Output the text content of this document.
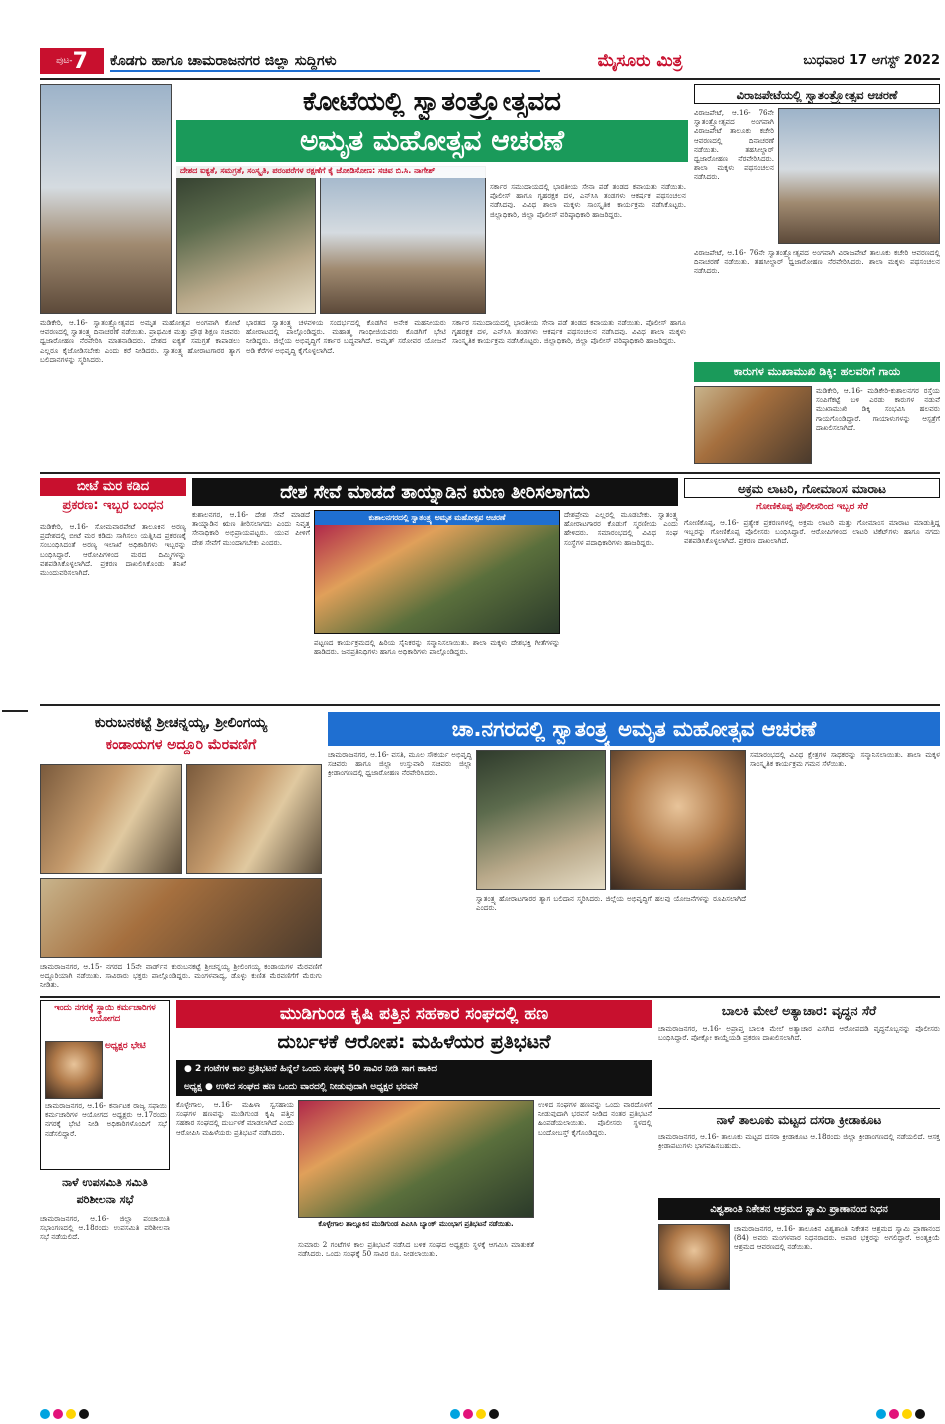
ಪುಟ- 7 ಕೊಡಗು ಹಾಗೂ ಚಾಮರಾಜನಗರ ಜಿಲ್ಲಾ ಸುದ್ದಿಗಳು	ಮೈಸೂರು ಮಿತ್ರ	ಬುಧವಾರ 17 ಆಗಸ್ಟ್ 2022
ಕೋಟೆಯಲ್ಲಿ ಸ್ವಾತಂತ್ರ್ಯೋತ್ಸವದ
ಅಮೃತ ಮಹೋತ್ಸವ ಆಚರಣೆ
ದೇಶದ ಐಕ್ಯತೆ, ಸಮಗ್ರತೆ, ಸಂಸ್ಕೃತಿ, ಪರಂಪರೆಗಳ ರಕ್ಷಣೆಗೆ ಕೈ ಜೋಡಿಸೋಣ: ಸಚಿವ ಬಿ.ಸಿ. ನಾಗೇಶ್
ಸರ್ಕಾರ ಸಮುದಾಯದಲ್ಲಿ ಭಾರತೀಯ ಸೇನಾ ಪಡೆ ತಂಡದ ಕವಾಯತು ನಡೆಯಿತು. ಪೊಲೀಸ್ ಹಾಗೂ ಗೃಹರಕ್ಷಕ ದಳ, ಎನ್‌ಸಿಸಿ ತಂಡಗಳು ಆಕರ್ಷಕ ಪಥಸಂಚಲನ ನಡೆಸಿದವು. ವಿವಿಧ ಶಾಲಾ ಮಕ್ಕಳು ಸಾಂಸ್ಕೃತಿಕ ಕಾರ್ಯಕ್ರಮ ನಡೆಸಿಕೊಟ್ಟರು. ಜಿಲ್ಲಾಧಿಕಾರಿ, ಜಿಲ್ಲಾ ಪೊಲೀಸ್ ವರಿಷ್ಠಾಧಿಕಾರಿ ಹಾಜರಿದ್ದರು.
ಮಡಿಕೇರಿ, ಆ.16- ಸ್ವಾತಂತ್ರ್ಯೋತ್ಸವದ ಅಮೃತ ಮಹೋತ್ಸವ ಅಂಗವಾಗಿ ಕೋಟೆ ಆವರಣದಲ್ಲಿ ಸ್ವಾತಂತ್ರ್ಯ ದಿನಾಚರಣೆ ನಡೆಯಿತು. ಪ್ರಾಥಮಿಕ ಮತ್ತು ಪ್ರೌಢ ಶಿಕ್ಷಣ ಸಚಿವರು ಧ್ವಜಾರೋಹಣ ನೆರವೇರಿಸಿ ಮಾತನಾಡಿದರು. ದೇಶದ ಐಕ್ಯತೆ ಸಮಗ್ರತೆ ಕಾಪಾಡಲು ಎಲ್ಲರೂ ಕೈಜೋಡಿಸಬೇಕು ಎಂದು ಕರೆ ನೀಡಿದರು. ಸ್ವಾತಂತ್ರ್ಯ ಹೋರಾಟಗಾರರ ತ್ಯಾಗ ಬಲಿದಾನಗಳನ್ನು ಸ್ಮರಿಸಿದರು.
ಭಾರತದ ಸ್ವಾತಂತ್ರ್ಯ ಚಳವಳಿಯ ಸಂದರ್ಭದಲ್ಲಿ ಕೊಡಗಿನ ಅನೇಕ ಮಹನೀಯರು ಹೋರಾಟದಲ್ಲಿ ಪಾಲ್ಗೊಂಡಿದ್ದರು. ಮಹಾತ್ಮ ಗಾಂಧೀಜಿಯವರು ಕೊಡಗಿಗೆ ಭೇಟಿ ನೀಡಿದ್ದರು. ಜಿಲ್ಲೆಯ ಅಭಿವೃದ್ಧಿಗೆ ಸರ್ಕಾರ ಬದ್ಧವಾಗಿದೆ. ಅಮೃತ್ ಸರೋವರ ಯೋಜನೆ ಅಡಿ ಕೆರೆಗಳ ಅಭಿವೃದ್ಧಿ ಕೈಗೊಳ್ಳಲಾಗಿದೆ.
ಸರ್ಕಾರ ಸಮುದಾಯದಲ್ಲಿ ಭಾರತೀಯ ಸೇನಾ ಪಡೆ ತಂಡದ ಕವಾಯತು ನಡೆಯಿತು. ಪೊಲೀಸ್ ಹಾಗೂ ಗೃಹರಕ್ಷಕ ದಳ, ಎನ್‌ಸಿಸಿ ತಂಡಗಳು ಆಕರ್ಷಕ ಪಥಸಂಚಲನ ನಡೆಸಿದವು. ವಿವಿಧ ಶಾಲಾ ಮಕ್ಕಳು ಸಾಂಸ್ಕೃತಿಕ ಕಾರ್ಯಕ್ರಮ ನಡೆಸಿಕೊಟ್ಟರು. ಜಿಲ್ಲಾಧಿಕಾರಿ, ಜಿಲ್ಲಾ ಪೊಲೀಸ್ ವರಿಷ್ಠಾಧಿಕಾರಿ ಹಾಜರಿದ್ದರು.
ವಿರಾಜಪೇಟೆಯಲ್ಲಿ ಸ್ವಾತಂತ್ರ್ಯೋತ್ಸವ ಆಚರಣೆ
ವಿರಾಜಪೇಟೆ, ಆ.16- 76ನೇ ಸ್ವಾತಂತ್ರ್ಯೋತ್ಸವದ ಅಂಗವಾಗಿ ವಿರಾಜಪೇಟೆ ತಾಲೂಕು ಕಚೇರಿ ಆವರಣದಲ್ಲಿ ದಿನಾಚರಣೆ ನಡೆಯಿತು. ತಹಸೀಲ್ದಾರ್ ಧ್ವಜಾರೋಹಣ ನೆರವೇರಿಸಿದರು. ಶಾಲಾ ಮಕ್ಕಳು ಪಥಸಂಚಲನ ನಡೆಸಿದರು.
ವಿರಾಜಪೇಟೆ, ಆ.16- 76ನೇ ಸ್ವಾತಂತ್ರ್ಯೋತ್ಸವದ ಅಂಗವಾಗಿ ವಿರಾಜಪೇಟೆ ತಾಲೂಕು ಕಚೇರಿ ಆವರಣದಲ್ಲಿ ದಿನಾಚರಣೆ ನಡೆಯಿತು. ತಹಸೀಲ್ದಾರ್ ಧ್ವಜಾರೋಹಣ ನೆರವೇರಿಸಿದರು. ಶಾಲಾ ಮಕ್ಕಳು ಪಥಸಂಚಲನ ನಡೆಸಿದರು.
ಕಾರುಗಳ ಮುಖಾಮುಖಿ ಡಿಕ್ಕಿ: ಹಲವರಿಗೆ ಗಾಯ
ಮಡಿಕೇರಿ, ಆ.16- ಮಡಿಕೇರಿ-ಕುಶಾಲನಗರ ರಸ್ತೆಯ ಸಂಪಿಗೆಕಟ್ಟೆ ಬಳಿ ಎರಡು ಕಾರುಗಳ ನಡುವೆ ಮುಖಾಮುಖಿ ಡಿಕ್ಕಿ ಸಂಭವಿಸಿ ಹಲವರು ಗಾಯಗೊಂಡಿದ್ದಾರೆ. ಗಾಯಾಳುಗಳನ್ನು ಆಸ್ಪತ್ರೆಗೆ ದಾಖಲಿಸಲಾಗಿದೆ.
ಬೀಟೆ ಮರ ಕಡಿದ
ಪ್ರಕರಣ: ಇಬ್ಬರ ಬಂಧನ
ಮಡಿಕೇರಿ, ಆ.16- ಸೋಮವಾರಪೇಟೆ ತಾಲೂಕಿನ ಅರಣ್ಯ ಪ್ರದೇಶದಲ್ಲಿ ಬೀಟೆ ಮರ ಕಡಿದು ಸಾಗಿಸಲು ಯತ್ನಿಸಿದ ಪ್ರಕರಣಕ್ಕೆ ಸಂಬಂಧಿಸಿದಂತೆ ಅರಣ್ಯ ಇಲಾಖೆ ಅಧಿಕಾರಿಗಳು ಇಬ್ಬರನ್ನು ಬಂಧಿಸಿದ್ದಾರೆ. ಆರೋಪಿಗಳಿಂದ ಮರದ ದಿಮ್ಮಿಗಳನ್ನು ವಶಪಡಿಸಿಕೊಳ್ಳಲಾಗಿದೆ. ಪ್ರಕರಣ ದಾಖಲಿಸಿಕೊಂಡು ತನಿಖೆ ಮುಂದುವರಿಸಲಾಗಿದೆ.
ದೇಶ ಸೇವೆ ಮಾಡದೆ ತಾಯ್ನಾಡಿನ ಋಣ ತೀರಿಸಲಾಗದು
ಕುಶಾಲನಗರ, ಆ.16- ದೇಶ ಸೇವೆ ಮಾಡದೆ ತಾಯ್ನಾಡಿನ ಋಣ ತೀರಿಸಲಾಗದು ಎಂದು ನಿವೃತ್ತ ಸೇನಾಧಿಕಾರಿ ಅಭಿಪ್ರಾಯಪಟ್ಟರು. ಯುವ ಪೀಳಿಗೆ ದೇಶ ಸೇವೆಗೆ ಮುಂದಾಗಬೇಕು ಎಂದರು.
ಕುಶಾಲನಗರದಲ್ಲಿ ಸ್ವಾತಂತ್ರ್ಯ ಅಮೃತ ಮಹೋತ್ಸವ ಆಚರಣೆ
ಪಟ್ಟಣದ ಕಾರ್ಯಕ್ರಮದಲ್ಲಿ ಹಿರಿಯ ಸೈನಿಕರನ್ನು ಸನ್ಮಾನಿಸಲಾಯಿತು. ಶಾಲಾ ಮಕ್ಕಳು ದೇಶಭಕ್ತಿ ಗೀತೆಗಳನ್ನು ಹಾಡಿದರು. ಜನಪ್ರತಿನಿಧಿಗಳು ಹಾಗೂ ಅಧಿಕಾರಿಗಳು ಪಾಲ್ಗೊಂಡಿದ್ದರು.
ದೇಶಪ್ರೇಮ ಎಲ್ಲರಲ್ಲಿ ಮೂಡಬೇಕು. ಸ್ವಾತಂತ್ರ್ಯ ಹೋರಾಟಗಾರರ ಕೊಡುಗೆ ಸ್ಮರಣೀಯ ಎಂದು ಹೇಳಿದರು. ಸಮಾರಂಭದಲ್ಲಿ ವಿವಿಧ ಸಂಘ ಸಂಸ್ಥೆಗಳ ಪದಾಧಿಕಾರಿಗಳು ಹಾಜರಿದ್ದರು.
ಅಕ್ರಮ ಲಾಟರಿ, ಗೋಮಾಂಸ ಮಾರಾಟ
ಗೋಣಿಕೊಪ್ಪ ಪೊಲೀಸರಿಂದ ಇಬ್ಬರ ಸೆರೆ
ಗೋಣಿಕೊಪ್ಪ, ಆ.16- ಪ್ರತ್ಯೇಕ ಪ್ರಕರಣಗಳಲ್ಲಿ ಅಕ್ರಮ ಲಾಟರಿ ಮತ್ತು ಗೋಮಾಂಸ ಮಾರಾಟ ಮಾಡುತ್ತಿದ್ದ ಇಬ್ಬರನ್ನು ಗೋಣಿಕೊಪ್ಪ ಪೊಲೀಸರು ಬಂಧಿಸಿದ್ದಾರೆ. ಆರೋಪಿಗಳಿಂದ ಲಾಟರಿ ಟಿಕೆಟ್‌ಗಳು ಹಾಗೂ ನಗದು ವಶಪಡಿಸಿಕೊಳ್ಳಲಾಗಿದೆ. ಪ್ರಕರಣ ದಾಖಲಾಗಿದೆ.
ಕುರುಬನಕಟ್ಟೆ ಶ್ರೀಚನ್ನಯ್ಯ, ಶ್ರೀಲಿಂಗಯ್ಯ
ಕಂಡಾಯಗಳ ಅದ್ದೂರಿ ಮೆರವಣಿಗೆ
ಚಾಮರಾಜನಗರ, ಆ.15- ನಗರದ 15ನೇ ವಾರ್ಡ್‌ನ ಕುರುಬನಕಟ್ಟೆ ಶ್ರೀಚನ್ನಯ್ಯ ಶ್ರೀಲಿಂಗಯ್ಯ ಕಂಡಾಯಗಳ ಮೆರವಣಿಗೆ ಅದ್ದೂರಿಯಾಗಿ ನಡೆಯಿತು. ಸಾವಿರಾರು ಭಕ್ತರು ಪಾಲ್ಗೊಂಡಿದ್ದರು. ಮಂಗಳವಾದ್ಯ, ಡೊಳ್ಳು ಕುಣಿತ ಮೆರವಣಿಗೆಗೆ ಮೆರುಗು ನೀಡಿತು.
ಚಾ.ನಗರದಲ್ಲಿ ಸ್ವಾತಂತ್ರ್ಯ ಅಮೃತ ಮಹೋತ್ಸವ ಆಚರಣೆ
ಚಾಮರಾಜನಗರ, ಆ.16- ವಸತಿ, ಮೂಲ ಸೌಕರ್ಯ ಅಭಿವೃದ್ಧಿ ಸಚಿವರು ಹಾಗೂ ಜಿಲ್ಲಾ ಉಸ್ತುವಾರಿ ಸಚಿವರು ಜಿಲ್ಲಾ ಕ್ರೀಡಾಂಗಣದಲ್ಲಿ ಧ್ವಜಾರೋಹಣ ನೆರವೇರಿಸಿದರು.
ಸ್ವಾತಂತ್ರ್ಯ ಹೋರಾಟಗಾರರ ತ್ಯಾಗ ಬಲಿದಾನ ಸ್ಮರಿಸಿದರು. ಜಿಲ್ಲೆಯ ಅಭಿವೃದ್ಧಿಗೆ ಹಲವು ಯೋಜನೆಗಳನ್ನು ರೂಪಿಸಲಾಗಿದೆ ಎಂದರು.
ಸಮಾರಂಭದಲ್ಲಿ ವಿವಿಧ ಕ್ಷೇತ್ರಗಳ ಸಾಧಕರನ್ನು ಸನ್ಮಾನಿಸಲಾಯಿತು. ಶಾಲಾ ಮಕ್ಕಳ ಸಾಂಸ್ಕೃತಿಕ ಕಾರ್ಯಕ್ರಮ ಗಮನ ಸೆಳೆಯಿತು.
ಇಂದು ನಗರಕ್ಕೆ ಸ್ಥಾಯಿ ಕರ್ಮಚಾರಿಗಳ ಆಯೋಗದ
ಅಧ್ಯಕ್ಷರ ಭೇಟಿ
ಚಾಮರಾಜನಗರ, ಆ.16- ಕರ್ನಾಟಕ ರಾಜ್ಯ ಸಫಾಯಿ ಕರ್ಮಚಾರಿಗಳ ಆಯೋಗದ ಅಧ್ಯಕ್ಷರು ಆ.17ರಂದು ನಗರಕ್ಕೆ ಭೇಟಿ ನೀಡಿ ಅಧಿಕಾರಿಗಳೊಂದಿಗೆ ಸಭೆ ನಡೆಸಲಿದ್ದಾರೆ.
ನಾಳೆ ಉಪಸಮಿತಿ ಸಮಿತಿ
ಪರಿಶೀಲನಾ ಸಭೆ
ಚಾಮರಾಜನಗರ, ಆ.16- ಜಿಲ್ಲಾ ಪಂಚಾಯಿತಿ ಸಭಾಂಗಣದಲ್ಲಿ ಆ.18ರಂದು ಉಪಸಮಿತಿ ಪರಿಶೀಲನಾ ಸಭೆ ನಡೆಯಲಿದೆ.
ಮುಡಿಗುಂಡ ಕೃಷಿ ಪತ್ತಿನ ಸಹಕಾರ ಸಂಘದಲ್ಲಿ ಹಣ
ದುರ್ಬಳಕೆ ಆರೋಪ: ಮಹಿಳೆಯರ ಪ್ರತಿಭಟನೆ
● 2 ಗಂಟೆಗಳ ಕಾಲ ಪ್ರತಿಭಟನೆ ಹಿನ್ನೆಲೆ ಒಂದು ಸಂಘಕ್ಕೆ 50 ಸಾವಿರ ನೀಡಿ ಸಾಗ ಹಾಕಿದ
ಅಧ್ಯಕ್ಷ ● ಉಳಿದ ಸಂಘದ ಹಣ ಒಂದು ವಾರದಲ್ಲಿ ನೀಡುವುದಾಗಿ ಅಧ್ಯಕ್ಷರ ಭರವಸೆ
ಕೊಳ್ಳೇಗಾಲ, ಆ.16- ಮಹಿಳಾ ಸ್ವಸಹಾಯ ಸಂಘಗಳ ಹಣವನ್ನು ಮುಡಿಗುಂಡ ಕೃಷಿ ಪತ್ತಿನ ಸಹಕಾರ ಸಂಘದಲ್ಲಿ ದುರ್ಬಳಕೆ ಮಾಡಲಾಗಿದೆ ಎಂದು ಆರೋಪಿಸಿ ಮಹಿಳೆಯರು ಪ್ರತಿಭಟನೆ ನಡೆಸಿದರು.
ಕೊಳ್ಳೇಗಾಲ ತಾಲ್ಲೂಕಿನ ಮುಡಿಗುಂಡ ಪಿಎಸಿಸಿ ಬ್ಯಾಂಕ್ ಮುಂಭಾಗ ಪ್ರತಿಭಟನೆ ನಡೆಯಿತು.
ಸುಮಾರು 2 ಗಂಟೆಗಳ ಕಾಲ ಪ್ರತಿಭಟನೆ ನಡೆಸಿದ ಬಳಿಕ ಸಂಘದ ಅಧ್ಯಕ್ಷರು ಸ್ಥಳಕ್ಕೆ ಆಗಮಿಸಿ ಮಾತುಕತೆ ನಡೆಸಿದರು. ಒಂದು ಸಂಘಕ್ಕೆ 50 ಸಾವಿರ ರೂ. ನೀಡಲಾಯಿತು.
ಉಳಿದ ಸಂಘಗಳ ಹಣವನ್ನು ಒಂದು ವಾರದೊಳಗೆ ನೀಡುವುದಾಗಿ ಭರವಸೆ ನೀಡಿದ ನಂತರ ಪ್ರತಿಭಟನೆ ಹಿಂಪಡೆಯಲಾಯಿತು. ಪೊಲೀಸರು ಸ್ಥಳದಲ್ಲಿ ಬಂದೋಬಸ್ತ್ ಕೈಗೊಂಡಿದ್ದರು.
ಬಾಲಕಿ ಮೇಲೆ ಅತ್ಯಾಚಾರ: ವೃದ್ಧನ ಸೆರೆ
ಚಾಮರಾಜನಗರ, ಆ.16- ಅಪ್ರಾಪ್ತ ಬಾಲಕಿ ಮೇಲೆ ಅತ್ಯಾಚಾರ ಎಸಗಿದ ಆರೋಪದಡಿ ವೃದ್ಧನೊಬ್ಬನನ್ನು ಪೊಲೀಸರು ಬಂಧಿಸಿದ್ದಾರೆ. ಪೋಕ್ಸೋ ಕಾಯ್ದೆಯಡಿ ಪ್ರಕರಣ ದಾಖಲಿಸಲಾಗಿದೆ.
ನಾಳೆ ತಾಲೂಕು ಮಟ್ಟದ ದಸರಾ ಕ್ರೀಡಾಕೂಟ
ಚಾಮರಾಜನಗರ, ಆ.16- ತಾಲೂಕು ಮಟ್ಟದ ದಸರಾ ಕ್ರೀಡಾಕೂಟ ಆ.18ರಂದು ಜಿಲ್ಲಾ ಕ್ರೀಡಾಂಗಣದಲ್ಲಿ ನಡೆಯಲಿದೆ. ಆಸಕ್ತ ಕ್ರೀಡಾಪಟುಗಳು ಭಾಗವಹಿಸಬಹುದು.
ವಿಶ್ವಶಾಂತಿ ನಿಕೇತನ ಆಶ್ರಮದ ಸ್ವಾಮಿ ಪ್ರಾಣಾನಂದ ನಿಧನ
ಚಾಮರಾಜನಗರ, ಆ.16- ತಾಲೂಕಿನ ವಿಶ್ವಶಾಂತಿ ನಿಕೇತನ ಆಶ್ರಮದ ಸ್ವಾಮಿ ಪ್ರಾಣಾನಂದ (84) ಅವರು ಮಂಗಳವಾರ ನಿಧನರಾದರು. ಅಪಾರ ಭಕ್ತರನ್ನು ಅಗಲಿದ್ದಾರೆ. ಅಂತ್ಯಕ್ರಿಯೆ ಆಶ್ರಮದ ಆವರಣದಲ್ಲಿ ನಡೆಯಿತು.
